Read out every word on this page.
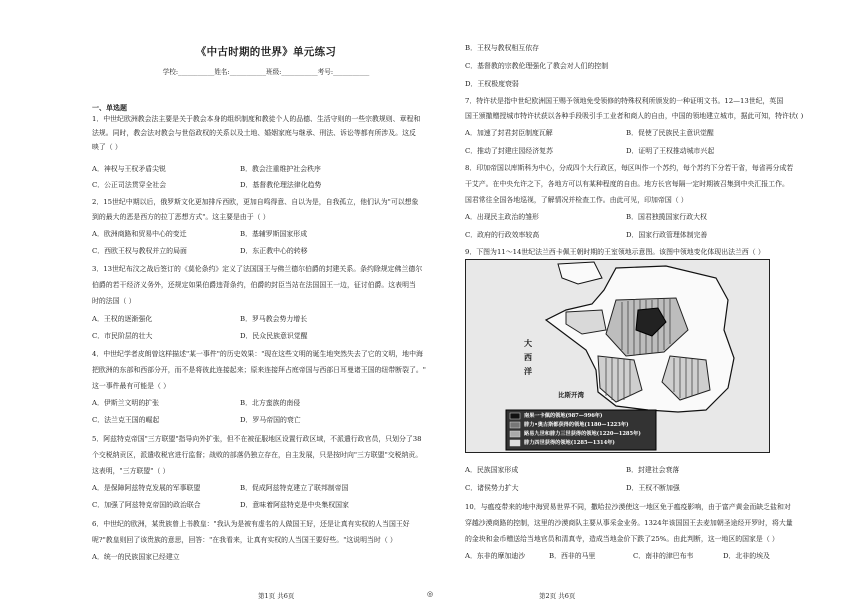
《中古时期的世界》单元练习
学校:___________姓名:___________班级:___________考号:___________
一、单选题
1．中世纪欧洲教会法主要是关于教会本身的组织制度和教徒个人的品德、生活守则的一些宗教规则、章程和
法规。同时，教会法对教会与世俗政权的关系以及土地、婚姻家庭与继承、刑法、诉讼等都有所涉及。这反
映了（ ）
A．神权与王权矛盾尖锐	B．教会注重维护社会秩序
C．公正司法贯穿全社会	D．基督教伦理法律化趋势
2．15世纪中期以后，俄罗斯文化更加排斥西欧，更加自鸣得意、自以为是，自我孤立，他们认为"可以想象
到的最大的恶是西方的拉丁恶想方式"。这主要是由于（ ）
A．欧洲商路和贸易中心的变迁	B．基辅罗斯国家形成
C．西欧王权与教权并立的局面	D．东正教中心的转移
3．13世纪布汶之战后签订的《莫伦条约》定义了法国国王与佛兰德尔伯爵的封建关系。条约除规定佛兰德尔
伯爵的若干经济义务外，还规定如果伯爵违背条约，伯爵的封臣当站在法国国王一边，征讨伯爵。这表明当
时的法国（ ）
A．王权的逐渐强化	B．罗马教会势力增长
C．市民阶层的壮大	D．民众民族意识觉醒
4．中世纪学者皮朗曾这样描述"某一事件"的历史效果："现在这些文明的诞生地突然失去了它的文明，地中海
把欧洲的东部和西部分开，而不是将彼此连接起来；原来连接拜占庭帝国与西部日耳曼诸王国的纽带断裂了。"
这一事件最有可能是（ ）
A．伊斯兰文明的扩张	B．北方蛮族的南侵
C．法兰克王国的崛起	D．罗马帝国的衰亡
5．阿兹特克帝国"三方联盟"指导向外扩张，但不在被征服地区设置行政区域，不派遣行政官员，只划分了38
个交税纳贡区，派遣收税官进行监督；战败的部落仍独立存在，自主发展，只是按时向"三方联盟"交税纳贡。
这表明，"三方联盟"（ ）
A．是保障阿兹特克发展的军事联盟	B．促成阿兹特克建立了联邦制帝国
C．加强了阿兹特克帝国的政治联合	D．意味着阿兹特克是中央集权国家
6．中世纪的欧洲，某贵族曾上书教皇："我认为是被有虚名的人做国王好，还是让真有实权的人当国王好
呢?"教皇则回了该贵族的意思，回答："在我看来，让真有实权的人当国王要好些。"这说明当时（ ）
A．统一的民族国家已经建立
第1页 共6页	◎
B．王权与教权相互依存
C．基督教的宗教伦理强化了教会对人们的控制
D．王权极度衰弱
7．特许状是指中世纪欧洲国王赐予领地免受领修的特殊权利所颁发的一种证明文书。12—13世纪，英国
国王颁撤赠授城市特许状获以各种手段吸引手工业者和商人的自由，中国的领地建立城市，据此可知，特许状( )
A．加速了封君封臣制度瓦解	B．促使了民族民主意识觉醒
C．推动了封建庄园经济复苏	D．证明了王权推动城市兴起
8．印加帝国以库斯科为中心，分成四个大行政区，每区叫作一个苏约，每个苏约下分若干省，每省再分成若
干艾产。在中央允许之下，各地方可以有某种程度的自由。地方长官每隔一定时期被召集到中央汇报工作。
国君常往全国各地巡视，了解情况并检查工作。由此可见，印加帝国（ ）
A．出现民主政治的雏形	B．国君独揽国家行政大权
C．政府的行政效率较高	D．国家行政管理体制完善
9．下图为11～14世纪法兰西卡佩王朝时期的王室领地示意图。该图中领地变化体现出法兰西（ ）
大
西
洋
比斯开湾
南果一卡佩的领地(987—996年)
腓力•奥古斯都获得的领地(1180—1223年)
路易九世和腓力三世获得的领地(1220—1285年)
腓力四世获得的领地(1285—1314年)
A．民族国家形成	B．封建社会衰落
C．诸侯势力扩大	D．王权不断加强
10．与瘟疫带来的地中海贸易世界不同，撒哈拉沙漠使这一地区免于瘟疫影响，由于富产黄金而缺乏盐和对
穿越沙漠商路的控制，这里的沙漠商队主要从事采金业务。1324年该国国王去麦加朝圣途经开罗时，将大量
的金块和金币赠送给当地官员和清真寺，造成当地金价下跌了25%。由此判断，这一地区的国家是（ ）
A．东非的摩加迪沙	B．西非的马里	C．南非的津巴布韦	D．北非的埃及
第2页 共6页
